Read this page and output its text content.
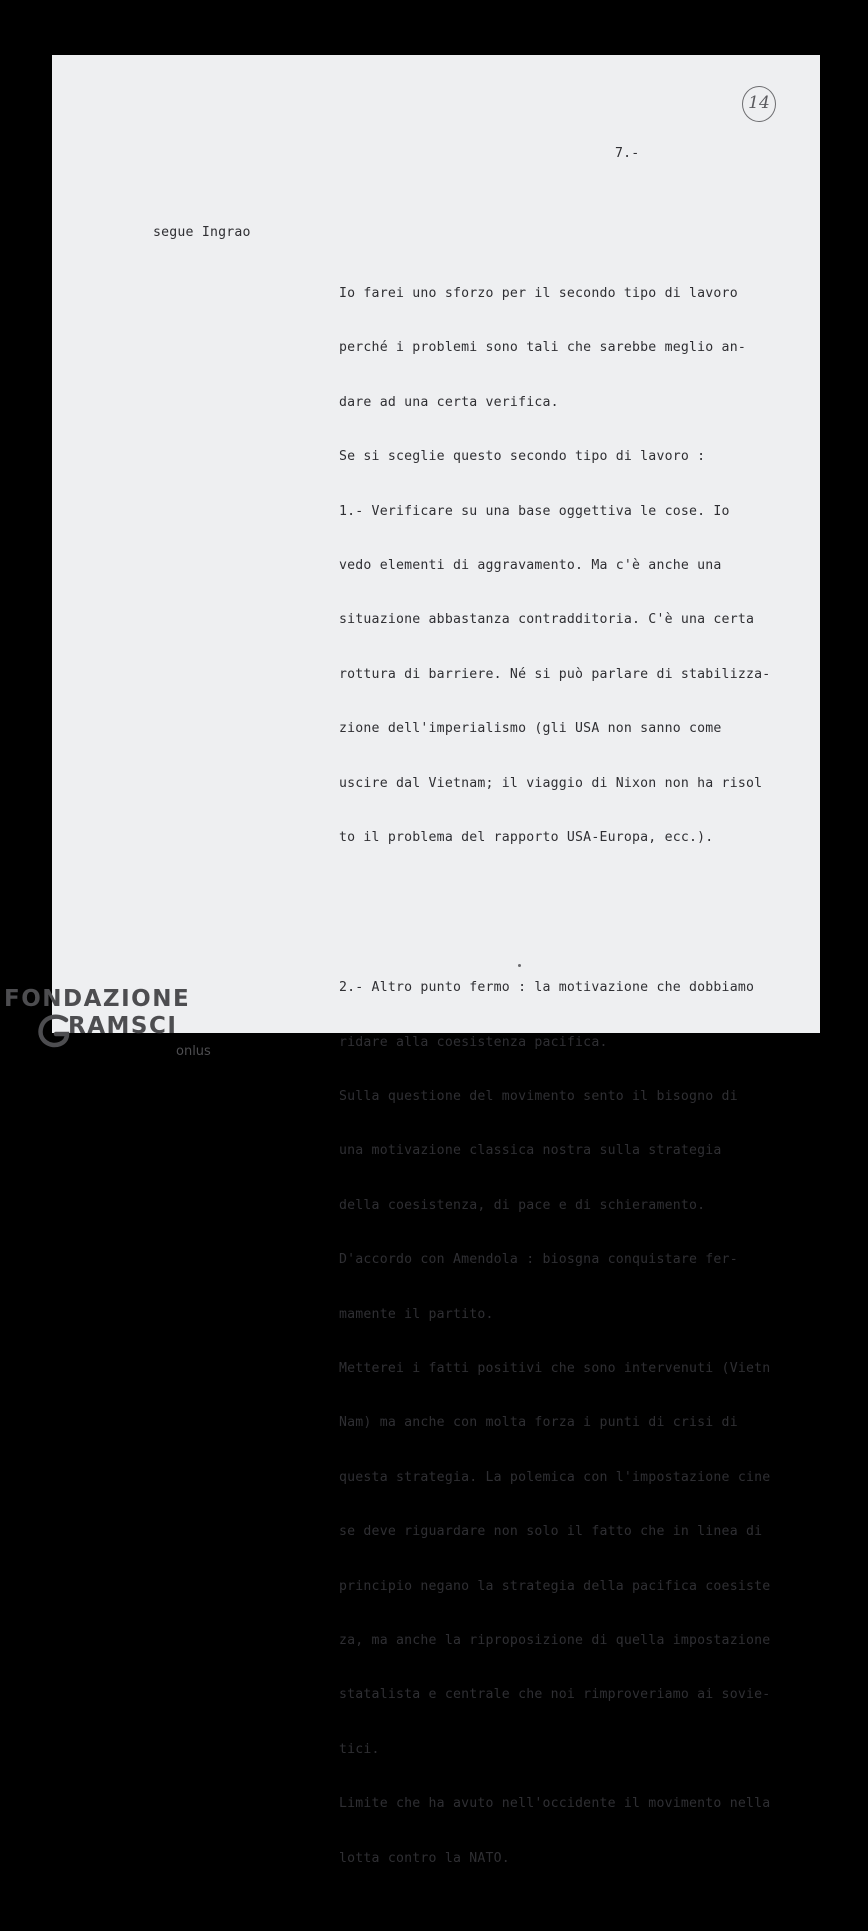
14
7.-
segue Ingrao

Io farei uno sforzo per il secondo tipo di lavoro

perché i problemi sono tali che sarebbe meglio an-

dare ad una certa verifica.

Se si sceglie questo secondo tipo di lavoro :

1.- Verificare su una base oggettiva le cose. Io

vedo elementi di aggravamento. Ma c'è anche una

situazione abbastanza contradditoria. C'è una certa

rottura di barriere. Né si può parlare di stabilizza-

zione dell'imperialismo (gli USA non sanno come

uscire dal Vietnam; il viaggio di Nixon non ha risol

to il problema del rapporto USA-Europa, ecc.).

2.- Altro punto fermo : la motivazione che dobbiamo

ridare alla coesistenza pacifica.

Sulla questione del movimento sento il bisogno di

una motivazione classica nostra sulla strategia

della coesistenza, di pace e di schieramento.

D'accordo con Amendola : biosgna conquistare fer-

mamente il partito.

Metterei i fatti positivi che sono intervenuti (Vietn

Nam) ma anche con molta forza i punti di crisi di

questa strategia. La polemica con l'impostazione cine

se deve riguardare non solo il fatto che in linea di

principio negano la strategia della pacifica coesiste

za, ma anche la riproposizione di quella impostazione

statalista e centrale che noi rimproveriamo ai sovie-

tici.

Limite che ha avuto nell'occidente il movimento nella

lotta contro la NATO.

FONDAZIONE
RAMSCI
onlus
